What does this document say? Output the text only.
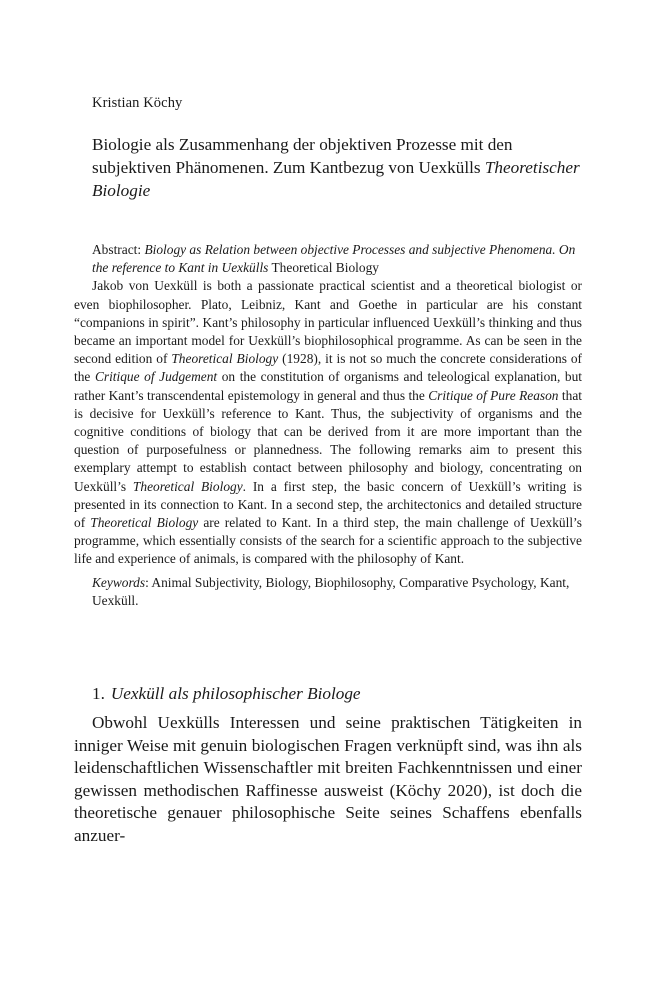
Kristian Köchy
Biologie als Zusammenhang der objektiven Prozesse mit den subjektiven Phänomenen. Zum Kantbezug von Uexkülls Theoretischer Biologie

Abstract: Biology as Relation between objective Processes and subjective Phenomena. On the reference to Kant in Uexkülls Theoretical Biology

Jakob von Uexküll is both a passionate practical scientist and a theoretical biologist or even biophilosopher. Plato, Leibniz, Kant and Goethe in particular are his constant “companions in spirit”. Kant’s philosophy in particular influenced Uexküll’s thinking and thus became an important model for Uexküll’s biophilosophical programme. As can be seen in the second edition of Theoretical Biology (1928), it is not so much the concrete considerations of the Critique of Judgement on the constitution of organisms and teleological explanation, but rather Kant’s transcendental epistemology in general and thus the Critique of Pure Reason that is decisive for Uexküll’s reference to Kant. Thus, the subjectivity of organisms and the cognitive conditions of biology that can be derived from it are more important than the question of purposefulness or plannedness. The following remarks aim to present this exemplary attempt to establish contact between philosophy and biology, concentrating on Uexküll’s Theoretical Biology. In a first step, the basic concern of Uexküll’s writing is presented in its connection to Kant. In a second step, the architectonics and detailed structure of Theoretical Biology are related to Kant. In a third step, the main challenge of Uexküll’s programme, which essentially consists of the search for a scientific approach to the subjective life and experience of animals, is compared with the philosophy of Kant.

Keywords: Animal Subjectivity, Biology, Biophilosophy, Comparative Psychology, Kant, Uexküll.

1. Uexküll als philosophischer Biologe

Obwohl Uexkülls Interessen und seine praktischen Tätigkeiten in inniger Weise mit genuin biologischen Fragen verknüpft sind, was ihn als leidenschaftlichen Wissenschaftler mit breiten Fachkenntnissen und einer gewissen methodischen Raffinesse ausweist (Köchy 2020), ist doch die theoretische genauer philosophische Seite seines Schaffens ebenfalls anzuer-
